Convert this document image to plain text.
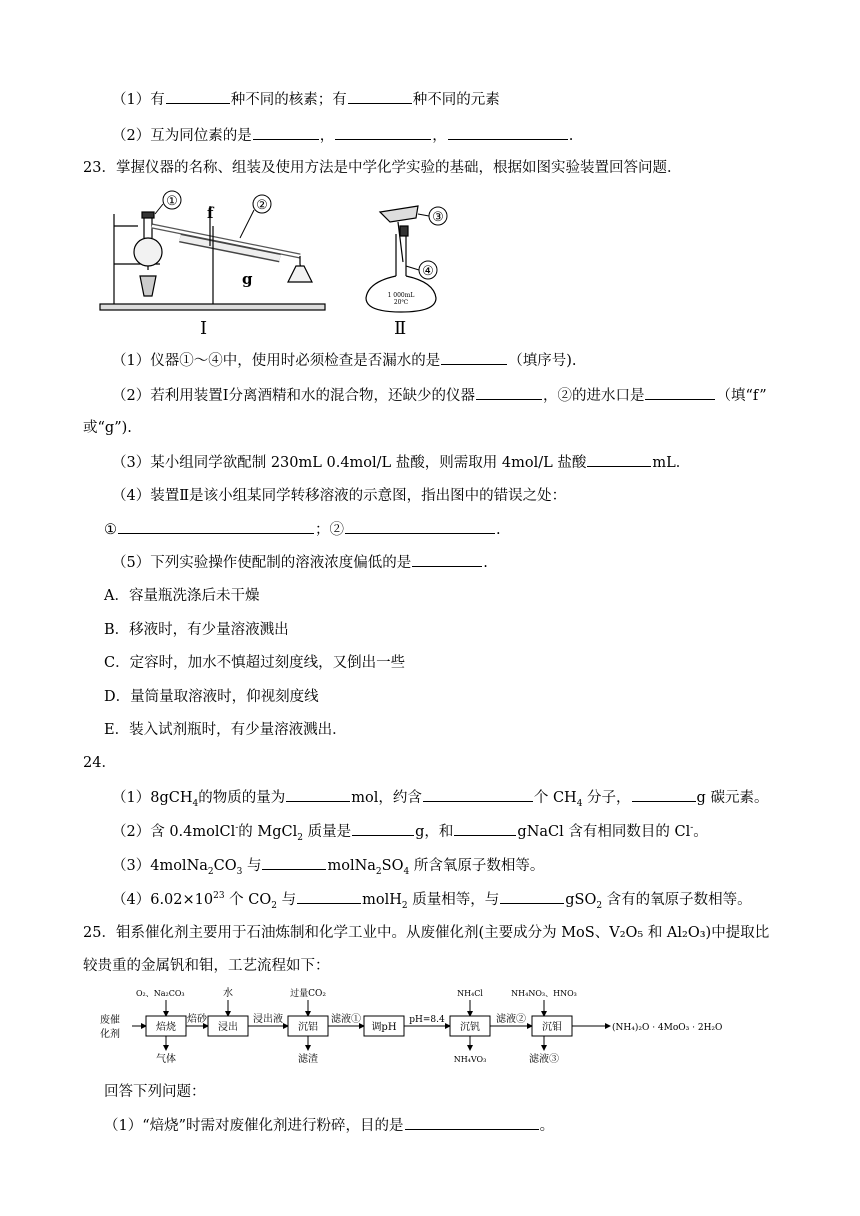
（1）有	种不同的核素；有	种不同的元素
（2）互为同位素的是	，	，	.
23．掌握仪器的名称、组装及使用方法是中学化学实验的基础，根据如图实验装置回答问题．
①
f	②
g
Ⅰ
1 000mL
20℃
③
④
Ⅱ
（1）仪器①～④中，使用时必须检查是否漏水的是	（填序号).
（2）若利用装置Ⅰ分离酒精和水的混合物，还缺少的仪器	，②的进水口是	（填“f”
或“g”).
（3）某小组同学欲配制 230mL 0.4mol/L 盐酸，则需取用 4mol/L 盐酸	mL．
（4）装置Ⅱ是该小组某同学转移溶液的示意图，指出图中的错误之处：
①	；②	.
（5）下列实验操作使配制的溶液浓度偏低的是	.
A．容量瓶洗涤后未干燥
B．移液时，有少量溶液溅出
C．定容时，加水不慎超过刻度线，又倒出一些
D．量筒量取溶液时，仰视刻度线
E．装入试剂瓶时，有少量溶液溅出．
24．
（1）8gCH$_4$的物质的量为	mol，约含	个 $CH_4$ 分子，	g 碳元素。
（2）含 0.4molCl-的 MgCl$_2$ 质量是	g，和	gNaCl 含有相同数目的 Cl-。
$(3)4molNa_2CO_3$ 与	$molNa_2SO_4$ 所含氧原子数相等。
$(4)6.02\times 10^{23}$ 个 $CO_2$ 与	molH$_2$ 质量相等，与	gSO$_2$ 含有的氧原子数相等。
25．钼系催化剂主要用于石油炼制和化学工业中。从废催化剂(主要成分为 MoS、V₂O₅ 和 Al₂O₃)中提取比
较贵重的金属钒和钼，工艺流程如下：
废催
化剂
O₂、Na₂CO₃
焙烧
气体
焙砂
水
浸出
浸出液
过量CO₂
沉铝
滤渣
滤液①
调pH
pH=8.4
NH₄Cl
沉钒
NH₄VO₃
滤液②
NH₄NO₃、HNO₃
沉钼
滤液③
(NH₄)₂O · 4MoO₃ · 2H₂O
回答下列问题：
（1）“焙烧”时需对废催化剂进行粉碎，目的是	。
